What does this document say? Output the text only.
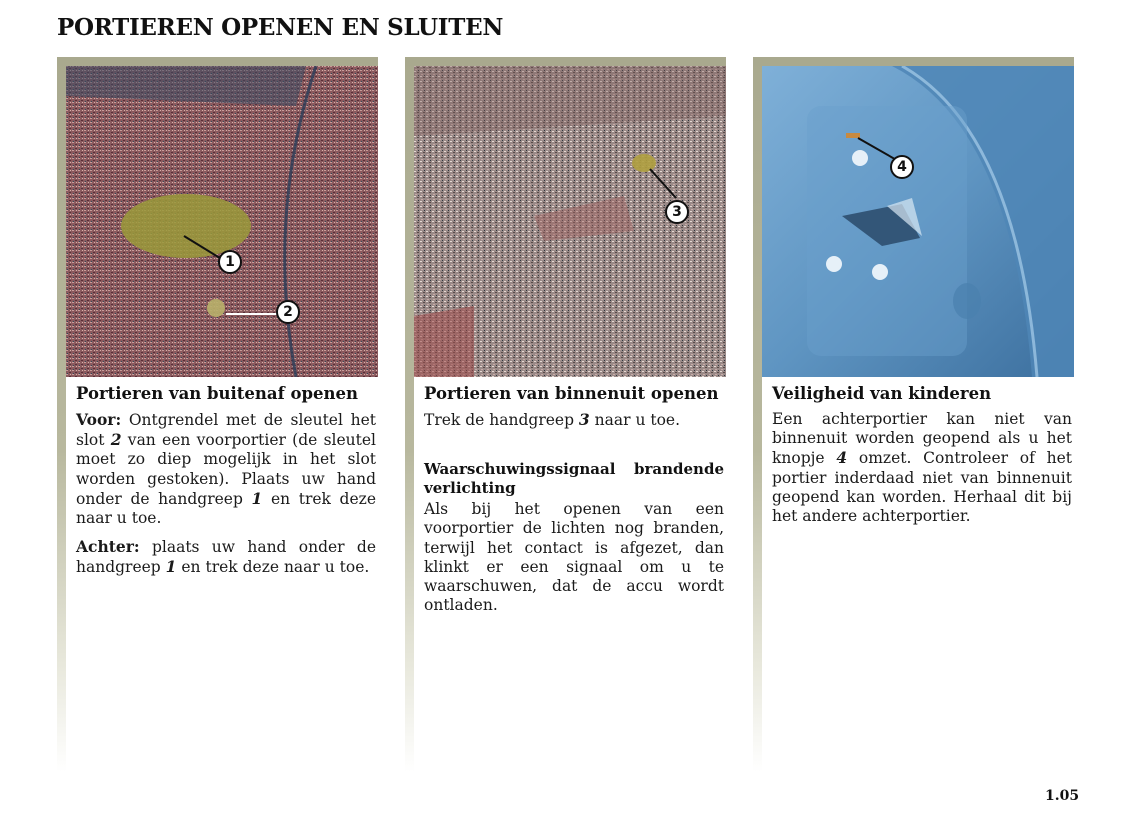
PORTIEREN OPENEN EN SLUITEN
1
2
Portieren van buitenaf openen

Voor: Ontgrendel met de sleutel het slot 2 van een voorportier (de sleutel moet zo diep mogelijk in het slot worden gestoken). Plaats uw hand onder de handgreep 1 en trek deze naar u toe.

Achter: plaats uw hand onder de handgreep 1 en trek deze naar u toe.

3
Portieren van binnenuit openen

Trek de handgreep 3 naar u toe.

Waarschuwingssignaal brandende verlichting

Als bij het openen van een voorportier de lichten nog branden, terwijl het contact is afgezet, dan klinkt er een signaal om u te waarschuwen, dat de accu wordt ontladen.

4
Veiligheid van kinderen

Een achterportier kan niet van binnenuit worden geopend als u het knopje 4 omzet. Controleer of het portier inderdaad niet van binnenuit geopend kan worden. Herhaal dit bij het andere achterportier.

1.05
